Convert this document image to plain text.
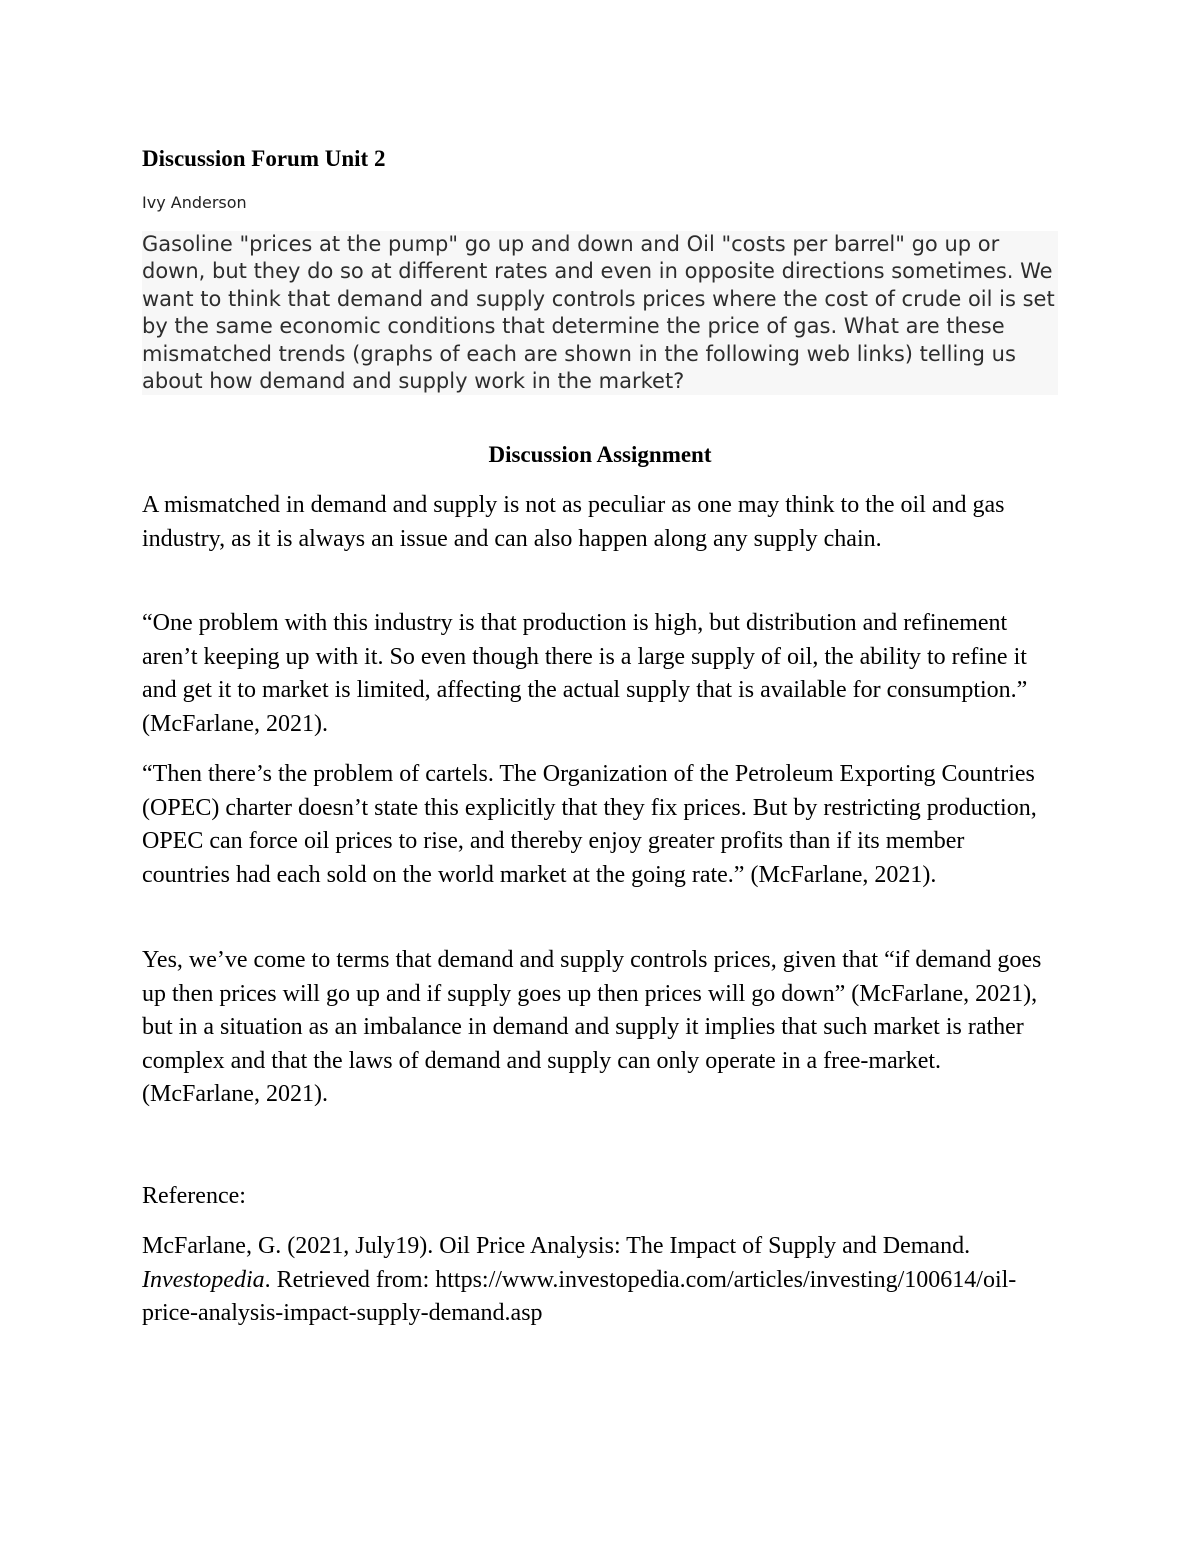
Discussion Forum Unit 2
Ivy Anderson
Gasoline "prices at the pump" go up and down and Oil "costs per barrel" go up or down, but they do so at different rates and even in opposite directions sometimes. We want to think that demand and supply controls prices where the cost of crude oil is set by the same economic conditions that determine the price of gas. What are these mismatched trends (graphs of each are shown in the following web links) telling us about how demand and supply work in the market?
Discussion Assignment
A mismatched in demand and supply is not as peculiar as one may think to the oil and gas industry, as it is always an issue and can also happen along any supply chain.
“One problem with this industry is that production is high, but distribution and refinement aren’t keeping up with it. So even though there is a large supply of oil, the ability to refine it and get it to market is limited, affecting the actual supply that is available for consumption.” (McFarlane, 2021).
“Then there’s the problem of cartels. The Organization of the Petroleum Exporting Countries (OPEC) charter doesn’t state this explicitly that they fix prices. But by restricting production, OPEC can force oil prices to rise, and thereby enjoy greater profits than if its member countries had each sold on the world market at the going rate.” (McFarlane, 2021).
Yes, we’ve come to terms that demand and supply controls prices, given that “if demand goes up then prices will go up and if supply goes up then prices will go down” (McFarlane, 2021), but in a situation as an imbalance in demand and supply it implies that such market is rather complex and that the laws of demand and supply can only operate in a free-market. (McFarlane, 2021).
Reference:
McFarlane, G. (2021, July19). Oil Price Analysis: The Impact of Supply and Demand. Investopedia. Retrieved from: https://www.investopedia.com/articles/investing/100614/oil-price-analysis-impact-supply-demand.asp
